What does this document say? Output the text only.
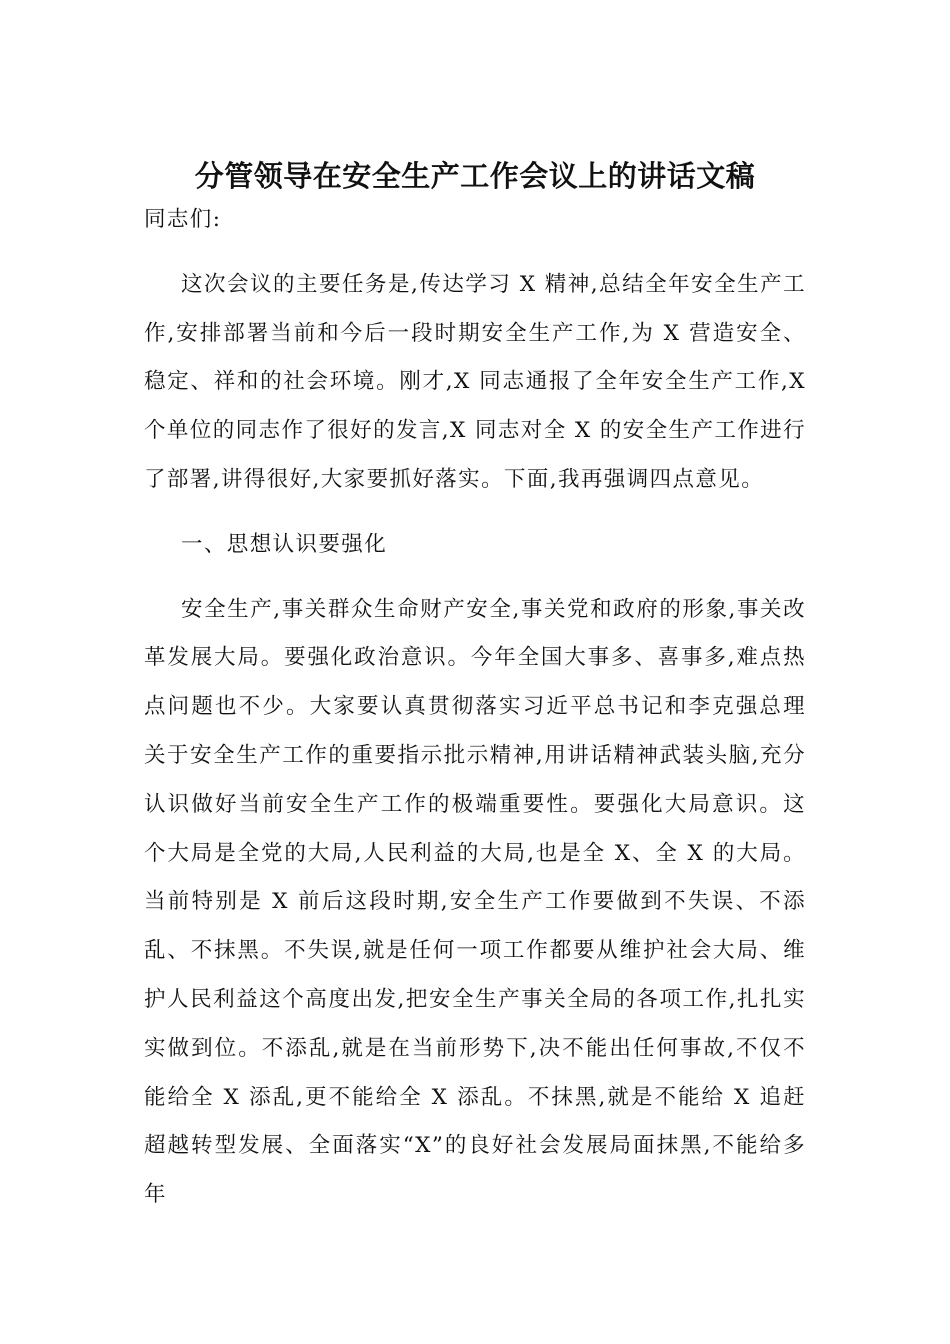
分管领导在安全生产工作会议上的讲话文稿

同志们:

这次会议的主要任务是,传达学习 X 精神,总结全年安全生产工作,安排部署当前和今后一段时期安全生产工作,为 X 营造安全、稳定、祥和的社会环境。刚才,X 同志通报了全年安全生产工作,X 个单位的同志作了很好的发言,X 同志对全 X 的安全生产工作进行了部署,讲得很好,大家要抓好落实。下面,我再强调四点意见。

一、思想认识要强化

安全生产,事关群众生命财产安全,事关党和政府的形象,事关改革发展大局。要强化政治意识。今年全国大事多、喜事多,难点热点问题也不少。大家要认真贯彻落实习近平总书记和李克强总理关于安全生产工作的重要指示批示精神,用讲话精神武装头脑,充分认识做好当前安全生产工作的极端重要性。要强化大局意识。这个大局是全党的大局,人民利益的大局,也是全 X、全 X 的大局。当前特别是 X 前后这段时期,安全生产工作要做到不失误、不添乱、不抹黑。不失误,就是任何一项工作都要从维护社会大局、维护人民利益这个高度出发,把安全生产事关全局的各项工作,扎扎实实做到位。不添乱,就是在当前形势下,决不能出任何事故,不仅不能给全 X 添乱,更不能给全 X 添乱。不抹黑,就是不能给 X 追赶超越转型发展、全面落实“X”的良好社会发展局面抹黑,不能给多年
